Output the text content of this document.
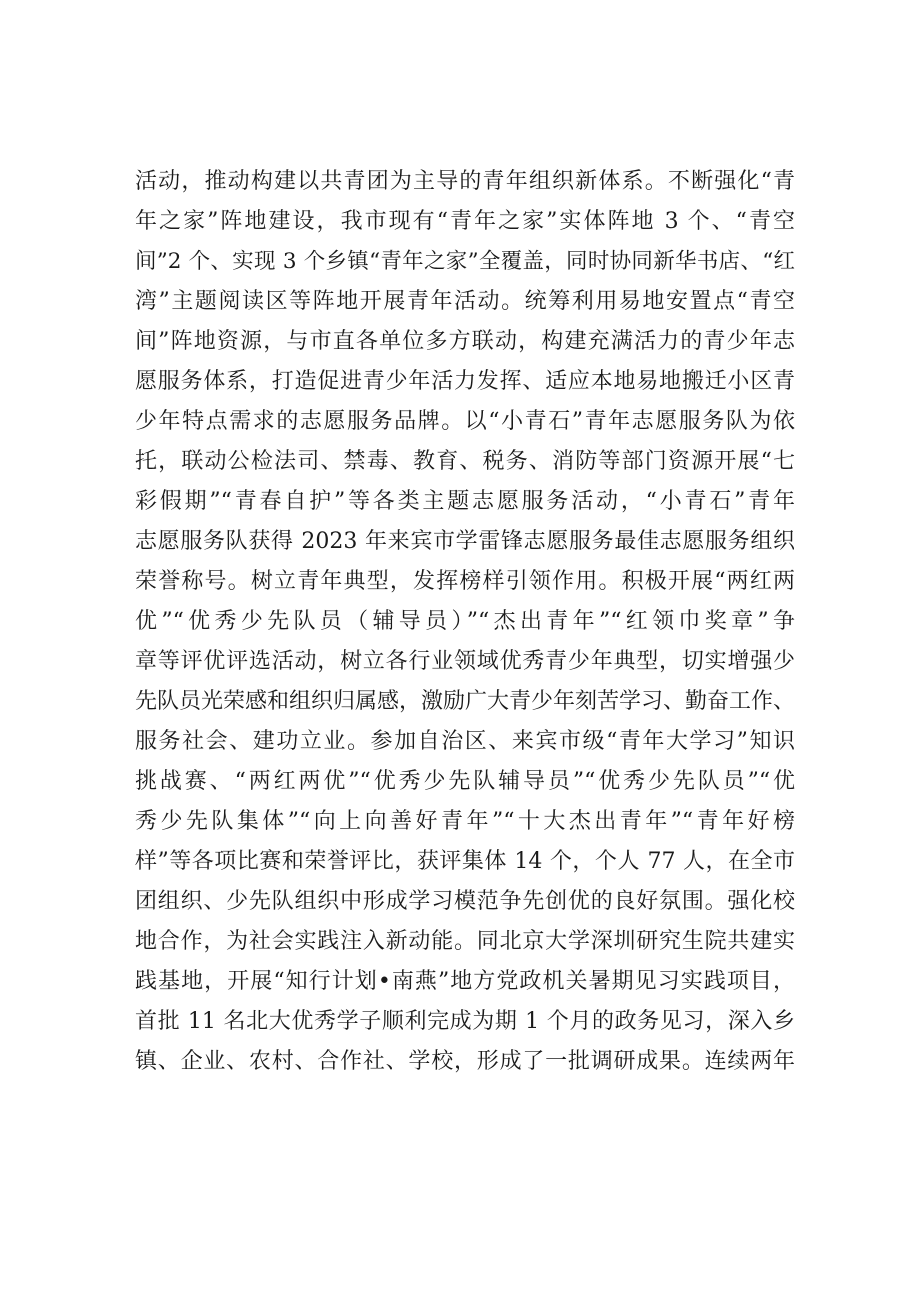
活动，推动构建以共青团为主导的青年组织新体系。不断强化“青
年之家”阵地建设，我市现有“青年之家”实体阵地 3 个、“青空
间”2 个、实现 3 个乡镇“青年之家”全覆盖，同时协同新华书店、“红
湾”主题阅读区等阵地开展青年活动。统筹利用易地安置点“青空
间”阵地资源，与市直各单位多方联动，构建充满活力的青少年志
愿服务体系，打造促进青少年活力发挥、适应本地易地搬迁小区青
少年特点需求的志愿服务品牌。以“小青石”青年志愿服务队为依
托，联动公检法司、禁毒、教育、税务、消防等部门资源开展“七
彩假期”“青春自护”等各类主题志愿服务活动，“小青石”青年
志愿服务队获得 2023 年来宾市学雷锋志愿服务最佳志愿服务组织
荣誉称号。树立青年典型，发挥榜样引领作用。积极开展“两红两
优”“优秀少先队员（辅导员）”“杰出青年”“红领巾奖章”争
章等评优评选活动，树立各行业领域优秀青少年典型，切实增强少
先队员光荣感和组织归属感，激励广大青少年刻苦学习、勤奋工作、
服务社会、建功立业。参加自治区、来宾市级“青年大学习”知识
挑战赛、“两红两优”“优秀少先队辅导员”“优秀少先队员”“优
秀少先队集体”“向上向善好青年”“十大杰出青年”“青年好榜
样”等各项比赛和荣誉评比，获评集体 14 个，个人 77 人，在全市
团组织、少先队组织中形成学习模范争先创优的良好氛围。强化校
地合作，为社会实践注入新动能。同北京大学深圳研究生院共建实
践基地，开展“知行计划•南燕”地方党政机关暑期见习实践项目，
首批 11 名北大优秀学子顺利完成为期 1 个月的政务见习，深入乡
镇、企业、农村、合作社、学校，形成了一批调研成果。连续两年
